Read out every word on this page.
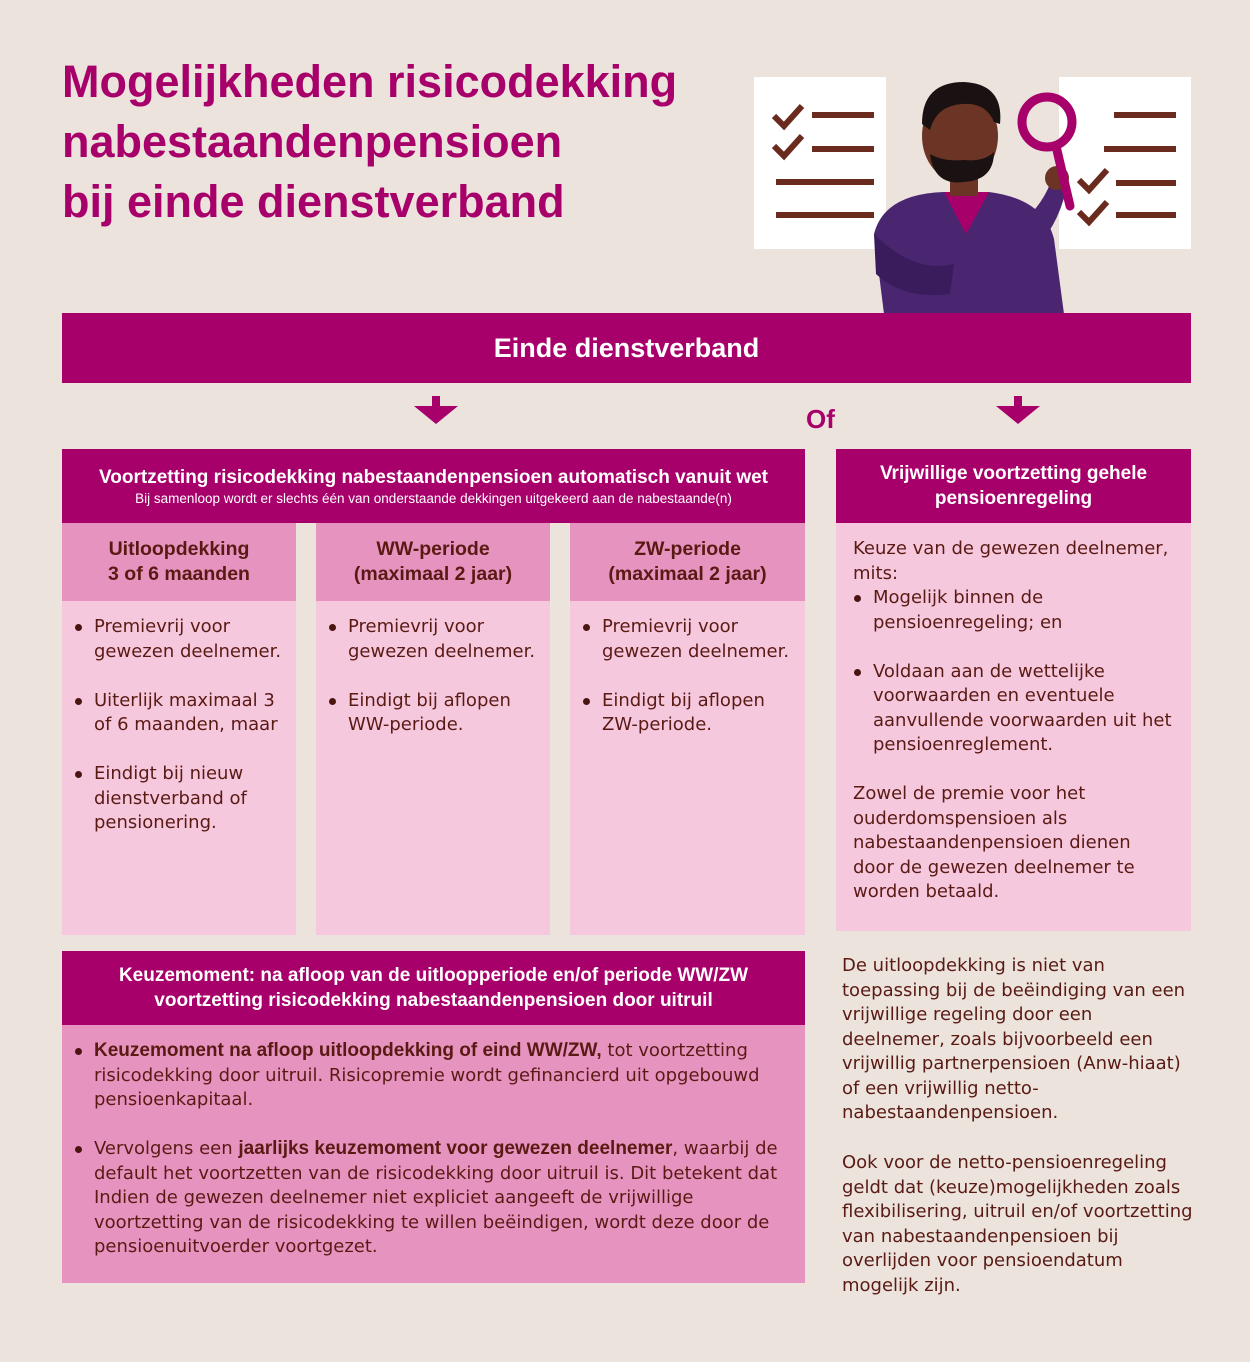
Mogelijkheden risicodekking
nabestaandenpensioen
bij einde dienstverband
Einde dienstverband
Of
Voortzetting risicodekking nabestaandenpensioen automatisch vanuit wet
Bij samenloop wordt er slechts één van onderstaande dekkingen uitgekeerd aan de nabestaande(n)
Uitloopdekking
3 of 6 maanden
Premievrij voor gewezen deelnemer.
Uiterlijk maximaal 3 of 6 maanden, maar
Eindigt bij nieuw dienstverband of pensionering.
WW-periode
(maximaal 2 jaar)
Premievrij voor gewezen deelnemer.
Eindigt bij aflopen WW-periode.
ZW-periode
(maximaal 2 jaar)
Premievrij voor gewezen deelnemer.
Eindigt bij aflopen ZW-periode.
Vrijwillige voortzetting gehele
pensioenregeling
Keuze van de gewezen deelnemer, mits:
Mogelijk binnen de pensioenregeling; en
Voldaan aan de wettelijke voorwaarden en eventuele aanvullende voorwaarden uit het pensioenreglement.
Zowel de premie voor het ouderdomspensioen als nabestaandenpensioen dienen door de gewezen deelnemer te worden betaald.
Keuzemoment: na afloop van de uitloopperiode en/of periode WW/ZW
voortzetting risicodekking nabestaandenpensioen door uitruil
Keuzemoment na afloop uitloopdekking of eind WW/ZW, tot voortzetting risicodekking door uitruil. Risicopremie wordt gefinancierd uit opgebouwd pensioenkapitaal.
Vervolgens een jaarlijks keuzemoment voor gewezen deelnemer, waarbij de default het voortzetten van de risicodekking door uitruil is. Dit betekent dat Indien de gewezen deelnemer niet expliciet aangeeft de vrijwillige voortzetting van de risicodekking te willen beëindigen, wordt deze door de pensioenuitvoerder voortgezet.
De uitloopdekking is niet van toepassing bij de beëindiging van een vrijwillige regeling door een deelnemer, zoals bijvoorbeeld een vrijwillig partnerpensioen (Anw-hiaat) of een vrijwillig netto-nabestaandenpensioen.
Ook voor de netto-pensioenregeling geldt dat (keuze)mogelijkheden zoals flexibilisering, uitruil en/of voortzetting van nabestaandenpensioen bij overlijden voor pensioendatum mogelijk zijn.
